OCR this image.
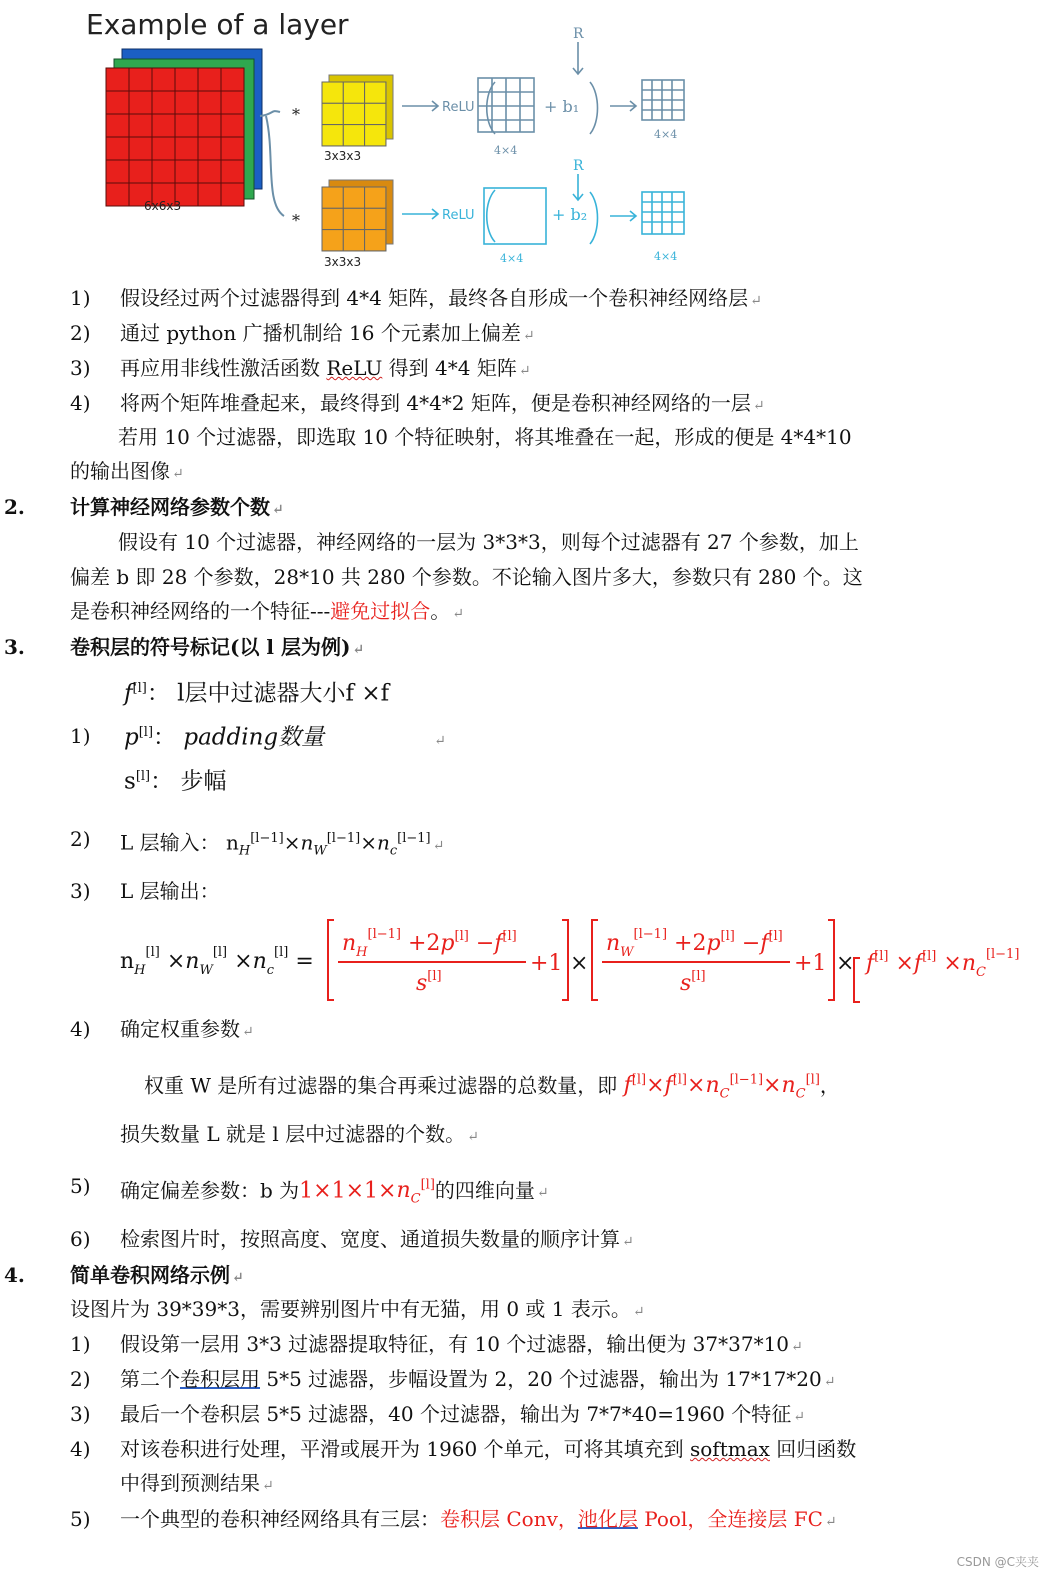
Example of a layer
6x6x3
*
*
3x3x3
3x3x3
ReLU	+ b₁
R
4×4
4×4
ReLU	+ b₂
R
4×4	4×4
1) 假设经过两个过滤器得到 4*4 矩阵，最终各自形成一个卷积神经网络层 ↵
2) 通过 python 广播机制给 16 个元素加上偏差 ↵
3) 再应用非线性激活函数 ReLU 得到 4*4 矩阵 ↵
4) 将两个矩阵堆叠起来，最终得到 4*4*2 矩阵，便是卷积神经网络的一层 ↵
若用 10 个过滤器，即选取 10 个特征映射，将其堆叠在一起，形成的便是 4*4*10
的输出图像 ↵
2. 计算神经网络参数个数 ↵
假设有 10 个过滤器，神经网络的一层为 3*3*3，则每个过滤器有 27 个参数，加上
偏差 b 即 28 个参数，28*10 共 280 个参数。不论输入图片多大，参数只有 280 个。这
是卷积神经网络的一个特征---避免过拟合。 ↵
3. 卷积层的符号标记(以 l 层为例) ↵
f[l]： l层中过滤器大小f ×f
1) p[l]： padding数量	↵
s[l]： 步幅
2) L 层输入： $n_H[l-1]\times n_W[l-1]\times n_c[l-1]$ ↵
3) L 层输出：
$n_H[l] \times n_W[l] \times n_c[l]$ =
$n_H[l-1] +2p[l] -f[l]$
s[l]
+1
$n_W[l-1] +2p[l] -f[l]$
s[l]
+1 $f[l] \times f[l] \times n_C[l-1]$
×	×
4) 确定权重参数 ↵
权重 W 是所有过滤器的集合再乘过滤器的总数量，即 $f[l]\times f[l]\times n_C[l-1]\times n_C[l]$，
损失数量 L 就是 l 层中过滤器的个数。 ↵
5) 确定偏差参数：b 为$1\times 1\times 1\times n_C[l]$的四维向量 ↵
6) 检索图片时，按照高度、宽度、通道损失数量的顺序计算 ↵
4. 简单卷积网络示例 ↵
设图片为 39*39*3，需要辨别图片中有无猫，用 0 或 1 表示。 ↵
1) 假设第一层用 3*3 过滤器提取特征，有 10 个过滤器，输出便为 37*37*10 ↵
2) 第二个卷积层用 5*5 过滤器，步幅设置为 2，20 个过滤器，输出为 17*17*20 ↵
3) 最后一个卷积层 5*5 过滤器，40 个过滤器，输出为 7*7*40=1960 个特征 ↵
4) 对该卷积进行处理，平滑或展开为 1960 个单元，可将其填充到 softmax 回归函数
中得到预测结果 ↵
5) 一个典型的卷积神经网络具有三层：卷积层 Conv，池化层 Pool，全连接层 FC ↵
CSDN @C夹夹
